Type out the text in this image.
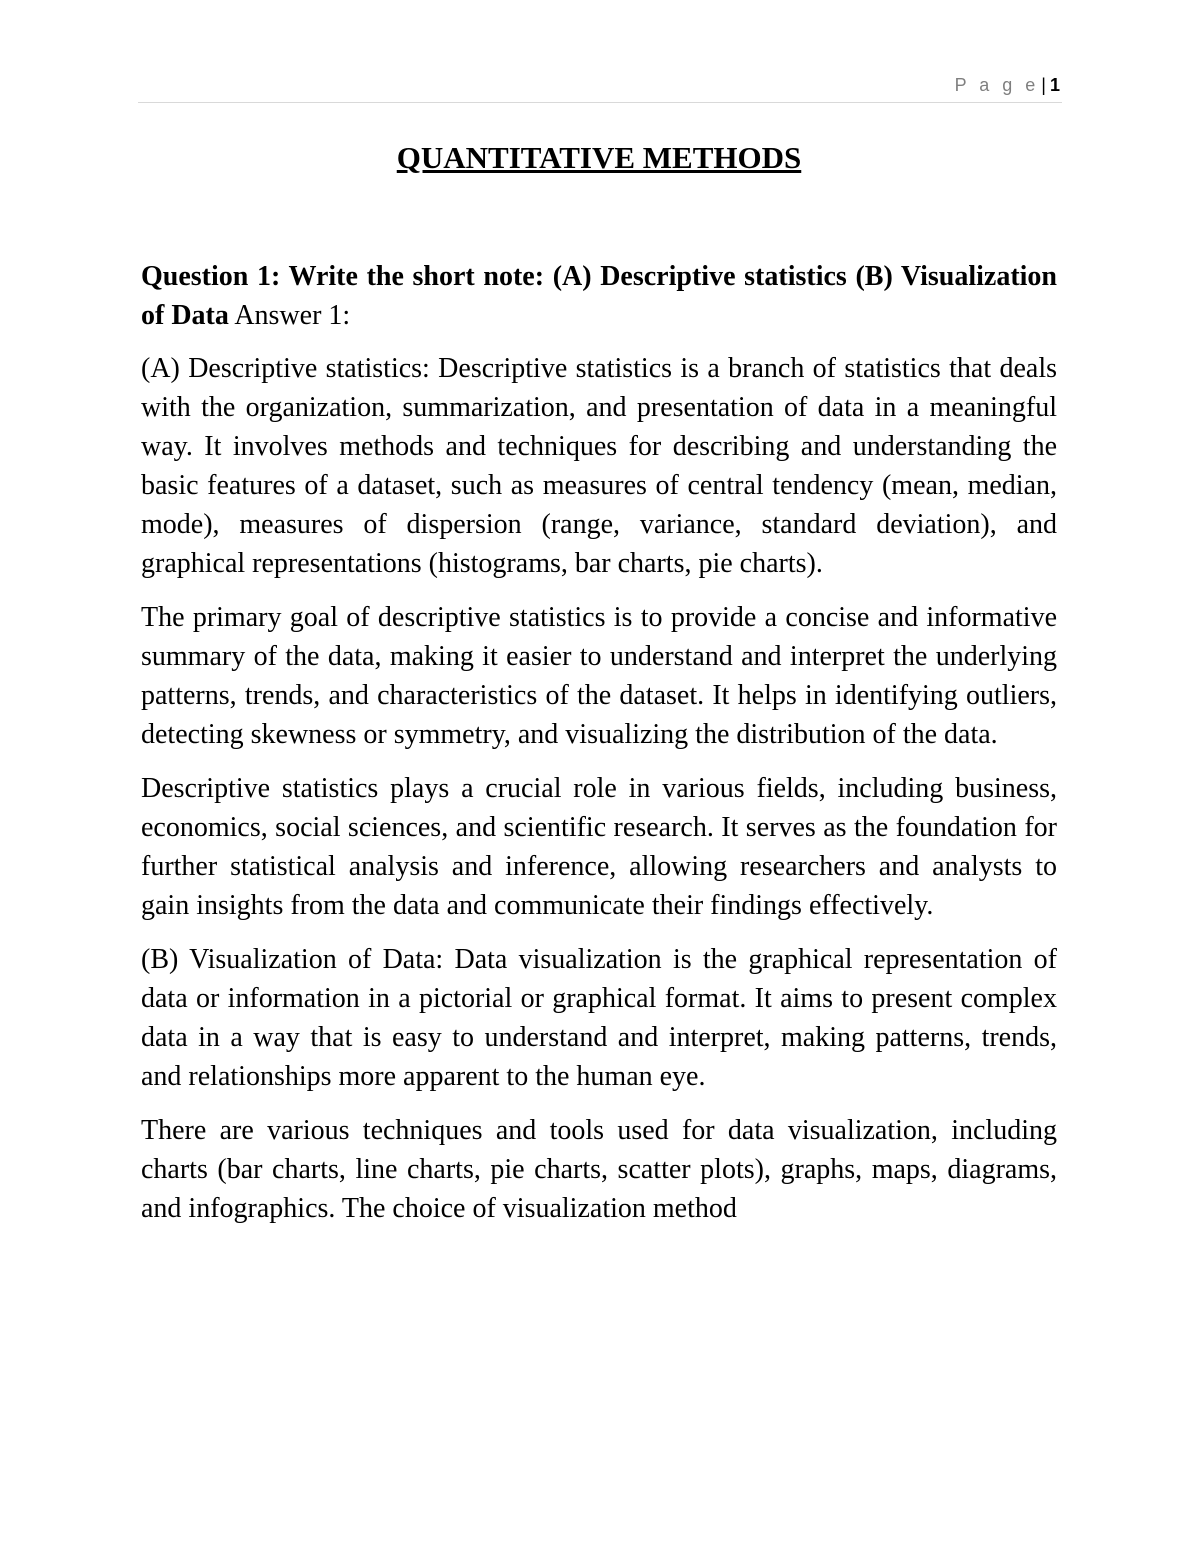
P a g e | 1
QUANTITATIVE METHODS

Question 1: Write the short note: (A) Descriptive statistics (B) Visualization of Data Answer 1:

(A) Descriptive statistics: Descriptive statistics is a branch of statistics that deals with the organization, summarization, and presentation of data in a meaningful way. It involves methods and techniques for describing and understanding the basic features of a dataset, such as measures of central tendency (mean, median, mode), measures of dispersion (range, variance, standard deviation), and graphical representations (histograms, bar charts, pie charts).

The primary goal of descriptive statistics is to provide a concise and informative summary of the data, making it easier to understand and interpret the underlying patterns, trends, and characteristics of the dataset. It helps in identifying outliers, detecting skewness or symmetry, and visualizing the distribution of the data.

Descriptive statistics plays a crucial role in various fields, including business, economics, social sciences, and scientific research. It serves as the foundation for further statistical analysis and inference, allowing researchers and analysts to gain insights from the data and communicate their findings effectively.

(B) Visualization of Data: Data visualization is the graphical representation of data or information in a pictorial or graphical format. It aims to present complex data in a way that is easy to understand and interpret, making patterns, trends, and relationships more apparent to the human eye.

There are various techniques and tools used for data visualization, including charts (bar charts, line charts, pie charts, scatter plots), graphs, maps, diagrams, and infographics. The choice of visualization method
